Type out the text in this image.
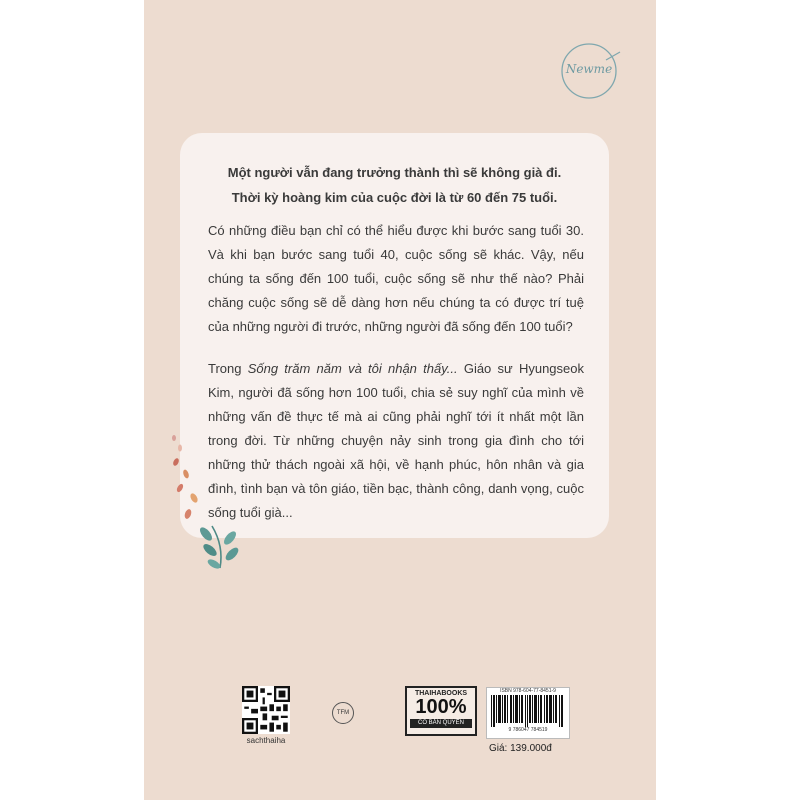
Newme

Một người vẫn đang trưởng thành thì sẽ không già đi.
Thời kỳ hoàng kim của cuộc đời là từ 60 đến 75 tuổi.

Có những điều bạn chỉ có thể hiểu được khi bước sang tuổi 30. Và khi bạn bước sang tuổi 40, cuộc sống sẽ khác. Vậy, nếu chúng ta sống đến 100 tuổi, cuộc sống sẽ như thế nào? Phải chăng cuộc sống sẽ dễ dàng hơn nếu chúng ta có được trí tuệ của những người đi trước, những người đã sống đến 100 tuổi?

Trong Sống trăm năm và tôi nhận thấy... Giáo sư Hyungseok Kim, người đã sống hơn 100 tuổi, chia sẻ suy nghĩ của mình về những vấn đề thực tế mà ai cũng phải nghĩ tới ít nhất một lần trong đời. Từ những chuyện nảy sinh trong gia đình cho tới những thử thách ngoài xã hội, về hạnh phúc, hôn nhân và gia đình, tình bạn và tôn giáo, tiền bạc, thành công, danh vọng, cuộc sống tuổi già...

sachthaiha
TFM
THAIHABOOKS
100%
CÓ BẢN QUYỀN
ISBN 978-604-77-8451-9
9 786047 784519
Giá: 139.000đ
